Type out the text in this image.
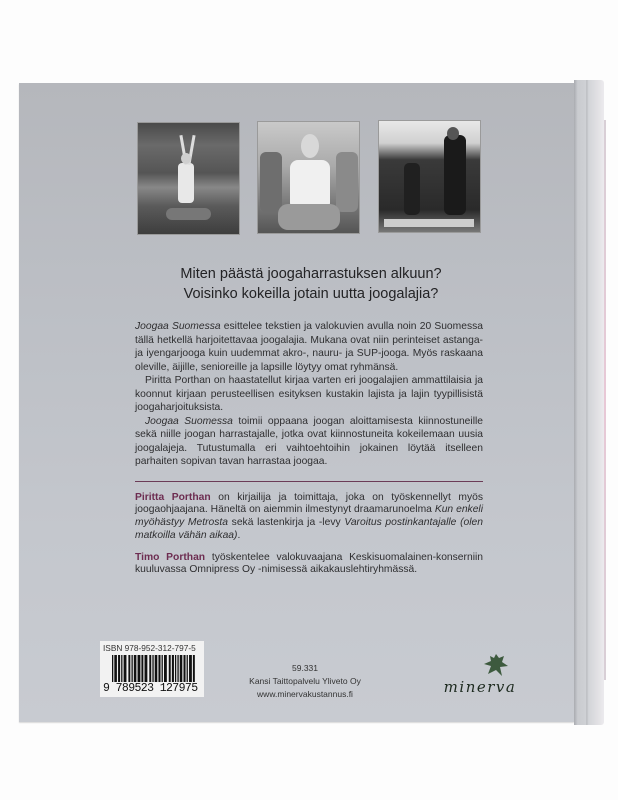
Miten päästä joogaharrastuksen alkuun?
Voisinko kokeilla jotain uutta joogalajia?

Joogaa Suomessa esittelee tekstien ja valokuvien avulla noin 20 Suomessa tällä hetkellä harjoitettavaa joogalajia. Mukana ovat niin perinteiset astanga- ja iyengarjooga kuin uudemmat akro-, nauru- ja SUP-jooga. Myös raskaana oleville, äijille, senioreille ja lapsille löytyy omat ryhmänsä.

Piritta Porthan on haastatellut kirjaa varten eri joogalajien ammattilaisia ja koonnut kirjaan perusteellisen esityksen kustakin lajista ja lajin tyypillisistä joogaharjoituksista.

Joogaa Suomessa toimii oppaana joogan aloittamisesta kiinnostuneille sekä niille joogan harrastajalle, jotka ovat kiinnostuneita kokeilemaan uusia joogalajeja. Tutustumalla eri vaihtoehtoihin jokainen löytää itselleen parhaiten sopivan tavan harrastaa joogaa.

Piritta Porthan on kirjailija ja toimittaja, joka on työskennellyt myös joogaohjaajana. Häneltä on aiemmin ilmestynyt draamarunoelma Kun enkeli myöhästyy Metrosta sekä lastenkirja ja -levy Varoitus postinkantajalle (olen matkoilla vähän aikaa).
Timo Porthan työskentelee valokuvaajana Keskisuomalainen-konserniin kuuluvassa Omnipress Oy -nimisessä aikakauslehtiryhmässä.
ISBN 978-952-312-797-5
9 789523 127975
59.331
Kansi Taittopalvelu Yliveto Oy
www.minervakustannus.fi	minerva
